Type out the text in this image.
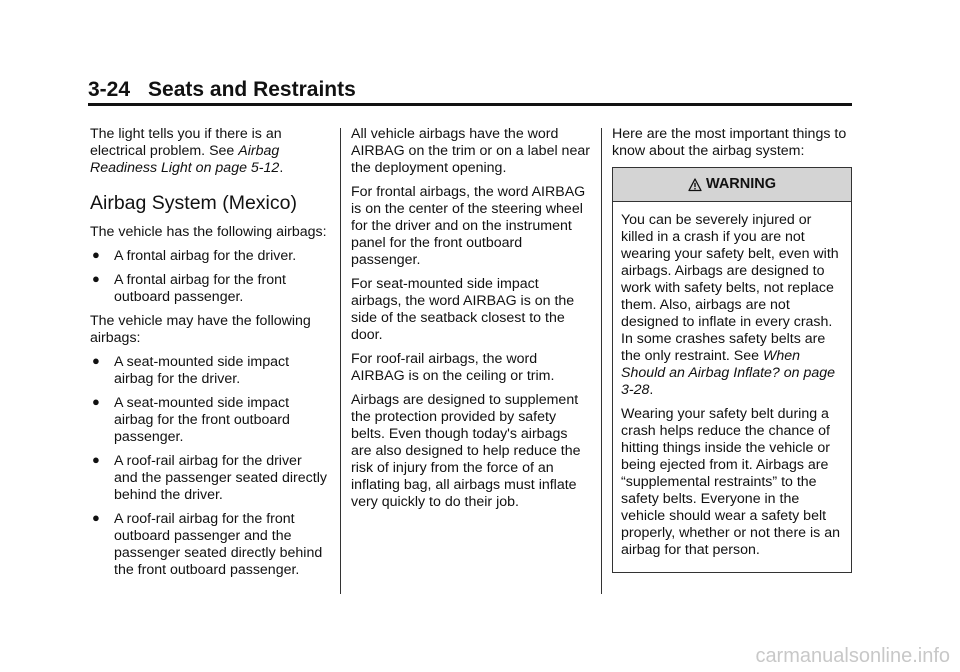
3-24 Seats and Restraints

The light tells you if there is an electrical problem. See Airbag Readiness Light on page 5-12.

Airbag System (Mexico)

The vehicle has the following airbags:

● A frontal airbag for the driver.
● A frontal airbag for the front outboard passenger.

The vehicle may have the following airbags:

● A seat-mounted side impact airbag for the driver.
● A seat-mounted side impact airbag for the front outboard passenger.
● A roof-rail airbag for the driver and the passenger seated directly behind the driver.
● A roof-rail airbag for the front outboard passenger and the passenger seated directly behind the front outboard passenger.

All vehicle airbags have the word AIRBAG on the trim or on a label near the deployment opening.

For frontal airbags, the word AIRBAG is on the center of the steering wheel for the driver and on the instrument panel for the front outboard passenger.

For seat-mounted side impact airbags, the word AIRBAG is on the side of the seatback closest to the door.

For roof-rail airbags, the word AIRBAG is on the ceiling or trim.

Airbags are designed to supplement the protection provided by safety belts. Even though today's airbags are also designed to help reduce the risk of injury from the force of an inflating bag, all airbags must inflate very quickly to do their job.

Here are the most important things to know about the airbag system:

WARNING

You can be severely injured or killed in a crash if you are not wearing your safety belt, even with airbags. Airbags are designed to work with safety belts, not replace them. Also, airbags are not designed to inflate in every crash. In some crashes safety belts are the only restraint. See When Should an Airbag Inflate? on page 3-28.

Wearing your safety belt during a crash helps reduce the chance of hitting things inside the vehicle or being ejected from it. Airbags are “supplemental restraints” to the safety belts. Everyone in the vehicle should wear a safety belt properly, whether or not there is an airbag for that person.

carmanualsonline.info
